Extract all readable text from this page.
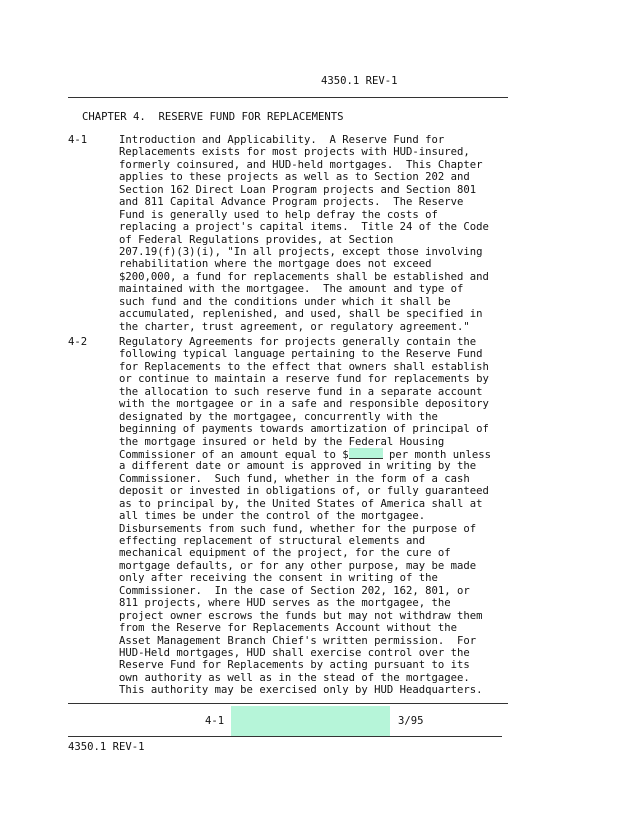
4350.1 REV-1
CHAPTER 4.  RESERVE FUND FOR REPLACEMENTS
4-1	Introduction and Applicability.  A Reserve Fund for
Replacements exists for most projects with HUD-insured,
formerly coinsured, and HUD-held mortgages.  This Chapter
applies to these projects as well as to Section 202 and
Section 162 Direct Loan Program projects and Section 801
and 811 Capital Advance Program projects.  The Reserve
Fund is generally used to help defray the costs of
replacing a project's capital items.  Title 24 of the Code
of Federal Regulations provides, at Section
207.19(f)(3)(i), "In all projects, except those involving
rehabilitation where the mortgage does not exceed
$200,000, a fund for replacements shall be established and
maintained with the mortgagee.  The amount and type of
such fund and the conditions under which it shall be
accumulated, replenished, and used, shall be specified in
the charter, trust agreement, or regulatory agreement."
4-2	Regulatory Agreements for projects generally contain the
following typical language pertaining to the Reserve Fund
for Replacements to the effect that owners shall establish
or continue to maintain a reserve fund for replacements by
the allocation to such reserve fund in a separate account
with the mortgagee or in a safe and responsible depository
designated by the mortgagee, concurrently with the
beginning of payments towards amortization of principal of
the mortgage insured or held by the Federal Housing
Commissioner of an amount equal to $	per month unless
a different date or amount is approved in writing by the
Commissioner.  Such fund, whether in the form of a cash
deposit or invested in obligations of, or fully guaranteed
as to principal by, the United States of America shall at
all times be under the control of the mortgagee.
Disbursements from such fund, whether for the purpose of
effecting replacement of structural elements and
mechanical equipment of the project, for the cure of
mortgage defaults, or for any other purpose, may be made
only after receiving the consent in writing of the
Commissioner.  In the case of Section 202, 162, 801, or
811 projects, where HUD serves as the mortgagee, the
project owner escrows the funds but may not withdraw them
from the Reserve for Replacements Account without the
Asset Management Branch Chief's written permission.  For
HUD-Held mortgages, HUD shall exercise control over the
Reserve Fund for Replacements by acting pursuant to its
own authority as well as in the stead of the mortgagee.
This authority may be exercised only by HUD Headquarters.
4-1	3/95
4350.1 REV-1
